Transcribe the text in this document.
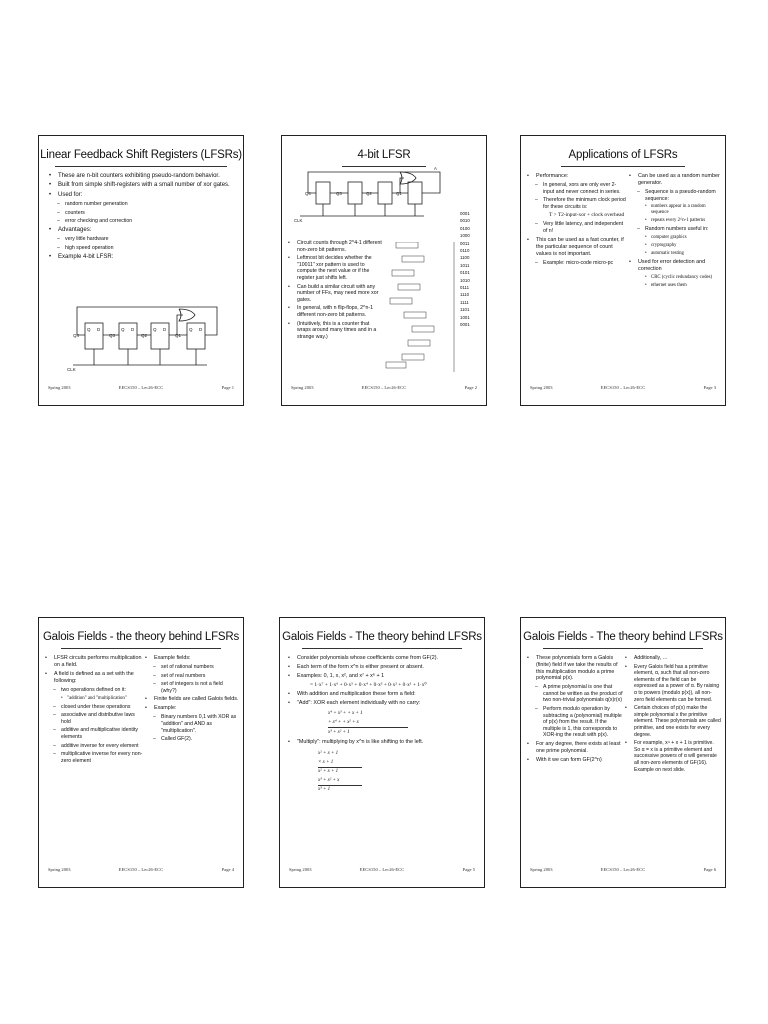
Linear Feedback Shift Registers (LFSRs)
• These are n-bit counters exhibiting pseudo-random behavior.
• Built from simple shift-registers with a small number of xor gates.
• Used for:
– random number generation
– counters
– error checking and correction
• Advantages:
– very little hardware
– high speed operation
• Example 4-bit LFSR:
Q4	Q3	Q2	Q1
CLK
Q D	Q D	Q D	Q D
Spring 2003	EECS150 – Lec26-ECC	Page 1
4-bit LFSR
A
Q4	Q3	Q2	Q1
CLK
0001
0010
0100
1000
0011
0110
1100
1011
0101
1010
0111
1110
1111
1101
1001
0001
• Circuit counts through 2^4-1 different non-zero bit patterns.
• Leftmost bit decides whether the "10011" xor pattern is used to compute the next value or if the register just shifts left.
• Can build a similar circuit with any number of FFs, may need more xor gates.
• In general, with n flip-flops, 2^n-1 different non-zero bit patterns.
• (Intuitively, this is a counter that wraps around many times and in a strange way.)
Spring 2003	EECS150 – Lec26-ECC	Page 2
Applications of LFSRs
• Performance:
– In general, xors are only ever 2-input and never connect in series.
– Therefore the minimum clock period for these circuits is:
T > T2-input-xor + clock overhead
– Very little latency, and independent of n!
• This can be used as a fast counter, if the particular sequence of count values is not important.
– Example: micro-code micro-pc
• Can be used as a random number generator.
– Sequence is a pseudo-random sequence:
• numbers appear in a random sequence
• repeats every 2^n-1 patterns
– Random numbers useful in:
• computer graphics
• cryptography
• automatic testing
• Used for error detection and correction
• CRC (cyclic redundancy codes)
• ethernet uses them
Spring 2003	EECS150 – Lec26-ECC	Page 3
Galois Fields - the theory behind LFSRs
• LFSR circuits performs multiplication on a field.
• A field is defined as a set with the following:
– two operations defined on it:
• "addition" and "multiplication"
– closed under these operations
– associative and distributive laws hold
– additive and multiplicative identity elements
– additive inverse for every element
– multiplicative inverse for every non-zero element
• Example fields:
– set of rational numbers
– set of real numbers
– set of integers is not a field (why?)
• Finite fields are called Galois fields.
• Example:
– Binary numbers 0,1 with XOR as "addition" and AND as "multiplication".
– Called GF(2).
Spring 2003	EECS150 – Lec26-ECC	Page 4
Galois Fields - The theory behind LFSRs
• Consider polynomials whose coefficients come from GF(2).
• Each term of the form x^n is either present or absent.
• Examples: 0, 1, x, x², and x⁷ + x⁶ + 1
= 1·x⁷ + 1·x⁶ + 0·x⁵ + 0·x⁴ + 0·x³ + 0·x² + 0·x¹ + 1·x⁰
• With addition and multiplication these form a field:
• "Add": XOR each element individually with no carry:
x⁴ + x³ + + x + 1
+ x⁴ + + x² + x
x³ + x² + 1
• "Multiply": multiplying by x^n is like shifting to the left.
x² + x + 1
× x + 1
x² + x + 1
x³ + x² + x
x³ + 1
Spring 2003	EECS150 – Lec26-ECC	Page 5
Galois Fields - The theory behind LFSRs
• These polynomials form a Galois (finite) field if we take the results of this multiplication modulo a prime polynomial p(x).
– A prime polynomial is one that cannot be written as the product of two non-trivial polynomials q(x)r(x)
– Perform modulo operation by subtracting a (polynomial) multiple of p(x) from the result. If the multiple is 1, this corresponds to XOR-ing the result with p(x).
• For any degree, there exists at least one prime polynomial.
• With it we can form GF(2^n)
• Additionally, …
• Every Galois field has a primitive element, α, such that all non-zero elements of the field can be expressed as a power of α. By raising α to powers (modulo p(x)), all non-zero field elements can be formed.
• Certain choices of p(x) make the simple polynomial x the primitive element. These polynomials are called primitive, and one exists for every degree.
• For example, x⁴ + x + 1 is primitive. So α = x is a primitive element and successive powers of α will generate all non-zero elements of GF(16). Example on next slide.
Spring 2003	EECS150 – Lec26-ECC	Page 6
